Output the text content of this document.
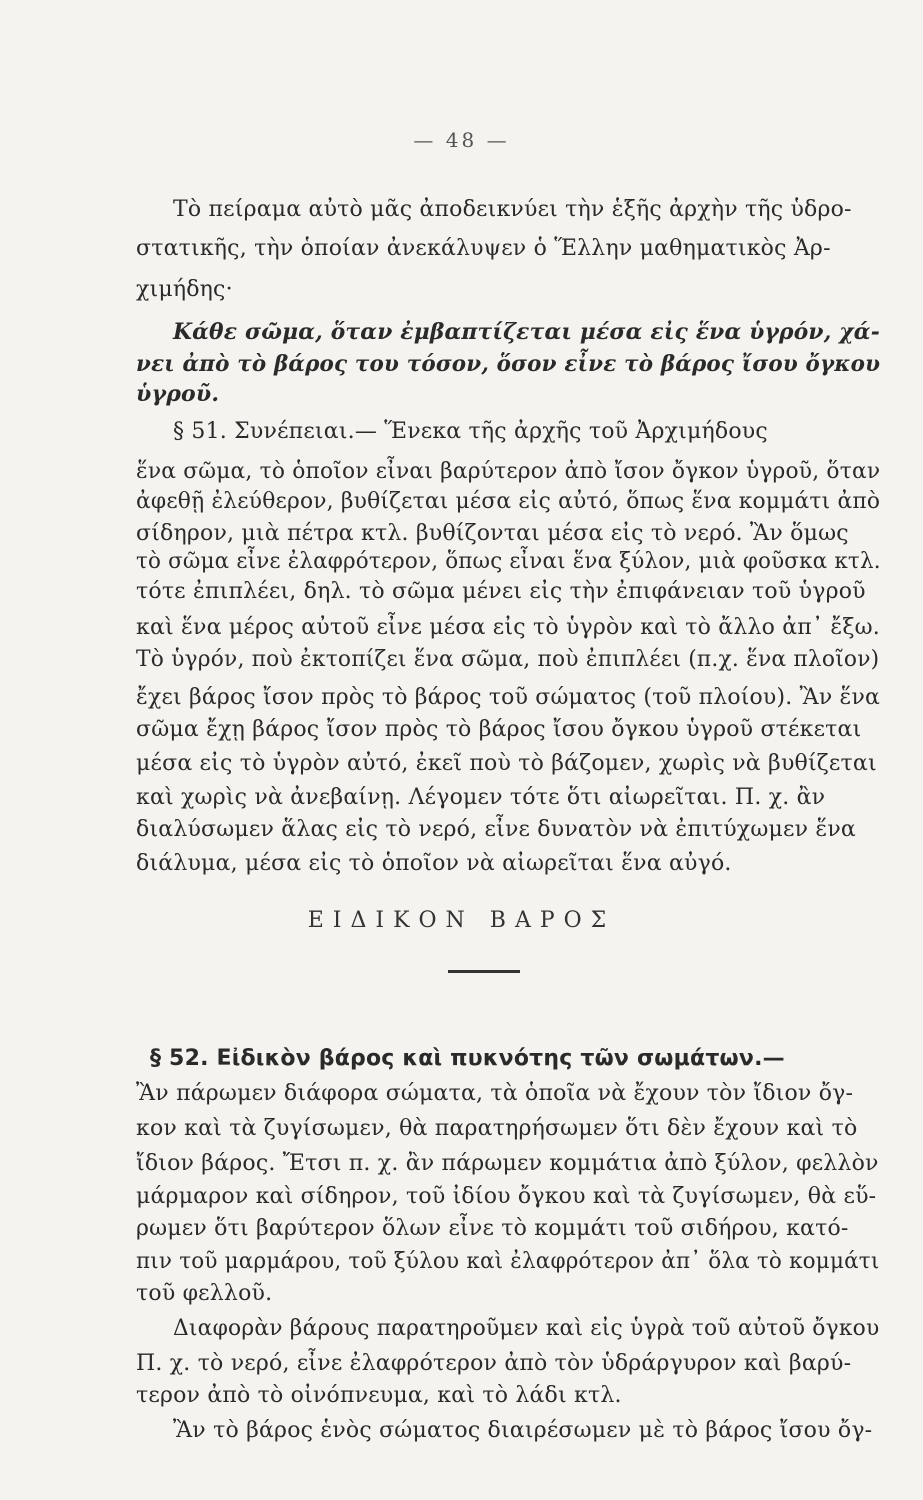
— 48 —
Τὸ πείραμα αὐτὸ μᾶς ἀποδεικνύει τὴν ἑξῆς ἀρχὴν τῆς ὑδρο-
στατικῆς, τὴν ὁποίαν ἀνεκάλυψεν ὁ Ἕλλην μαθηματικὸς Ἀρ-
χιμήδης·
Κάθε σῶμα, ὅταν ἐμβαπτίζεται μέσα εἰς ἕνα ὑγρόν, χά-
νει ἀπὸ τὸ βάρος του τόσον, ὅσον εἶνε τὸ βάρος ἴσου ὄγκου
ὑγροῦ.
§ 51. Συνέπειαι.— Ἕνεκα τῆς ἀρχῆς τοῦ Ἀρχιμήδους
ἕνα σῶμα, τὸ ὁποῖον εἶναι βαρύτερον ἀπὸ ἴσον ὄγκον ὑγροῦ, ὅταν
ἀφεθῇ ἐλεύθερον, βυθίζεται μέσα εἰς αὐτό, ὅπως ἕνα κομμάτι ἀπὸ
σίδηρον, μιὰ πέτρα κτλ. βυθίζονται μέσα εἰς τὸ νερό. Ἂν ὅμως
τὸ σῶμα εἶνε ἐλαφρότερον, ὅπως εἶναι ἕνα ξύλον, μιὰ φοῦσκα κτλ.
τότε ἐπιπλέει, δηλ. τὸ σῶμα μένει εἰς τὴν ἐπιφάνειαν τοῦ ὑγροῦ
καὶ ἕνα μέρος αὐτοῦ εἶνε μέσα εἰς τὸ ὑγρὸν καὶ τὸ ἄλλο ἀπ᾽ ἔξω.
Τὸ ὑγρόν, ποὺ ἐκτοπίζει ἕνα σῶμα, ποὺ ἐπιπλέει (π.χ. ἕνα πλοῖον)
ἔχει βάρος ἴσον πρὸς τὸ βάρος τοῦ σώματος (τοῦ πλοίου). Ἂν ἕνα
σῶμα ἔχῃ βάρος ἴσον πρὸς τὸ βάρος ἴσου ὄγκου ὑγροῦ στέκεται
μέσα εἰς τὸ ὑγρὸν αὐτό, ἐκεῖ ποὺ τὸ βάζομεν, χωρὶς νὰ βυθίζεται
καὶ χωρὶς νὰ ἀνεβαίνῃ. Λέγομεν τότε ὅτι αἰωρεῖται. Π. χ. ἂν
διαλύσωμεν ἅλας εἰς τὸ νερό, εἶνε δυνατὸν νὰ ἐπιτύχωμεν ἕνα
διάλυμα, μέσα εἰς τὸ ὁποῖον νὰ αἰωρεῖται ἕνα αὐγό.
ΕΙΔΙΚΟΝ ΒΑΡΟΣ
§ 52. Εἰδικὸν βάρος καὶ πυκνότης τῶν σωμάτων.—
Ἂν πάρωμεν διάφορα σώματα, τὰ ὁποῖα νὰ ἔχουν τὸν ἴδιον ὄγ-
κον καὶ τὰ ζυγίσωμεν, θὰ παρατηρήσωμεν ὅτι δὲν ἔχουν καὶ τὸ
ἴδιον βάρος. Ἔτσι π. χ. ἂν πάρωμεν κομμάτια ἀπὸ ξύλον, φελλὸν
μάρμαρον καὶ σίδηρον, τοῦ ἰδίου ὄγκου καὶ τὰ ζυγίσωμεν, θὰ εὕ-
ρωμεν ὅτι βαρύτερον ὅλων εἶνε τὸ κομμάτι τοῦ σιδήρου, κατό-
πιν τοῦ μαρμάρου, τοῦ ξύλου καὶ ἐλαφρότερον ἀπ᾽ ὅλα τὸ κομμάτι
τοῦ φελλοῦ.
Διαφορὰν βάρους παρατηροῦμεν καὶ εἰς ὑγρὰ τοῦ αὐτοῦ ὄγκου
Π. χ. τὸ νερό, εἶνε ἐλαφρότερον ἀπὸ τὸν ὑδράργυρον καὶ βαρύ-
τερον ἀπὸ τὸ οἰνόπνευμα, καὶ τὸ λάδι κτλ.
Ἂν τὸ βάρος ἑνὸς σώματος διαιρέσωμεν μὲ τὸ βάρος ἴσου ὄγ-
